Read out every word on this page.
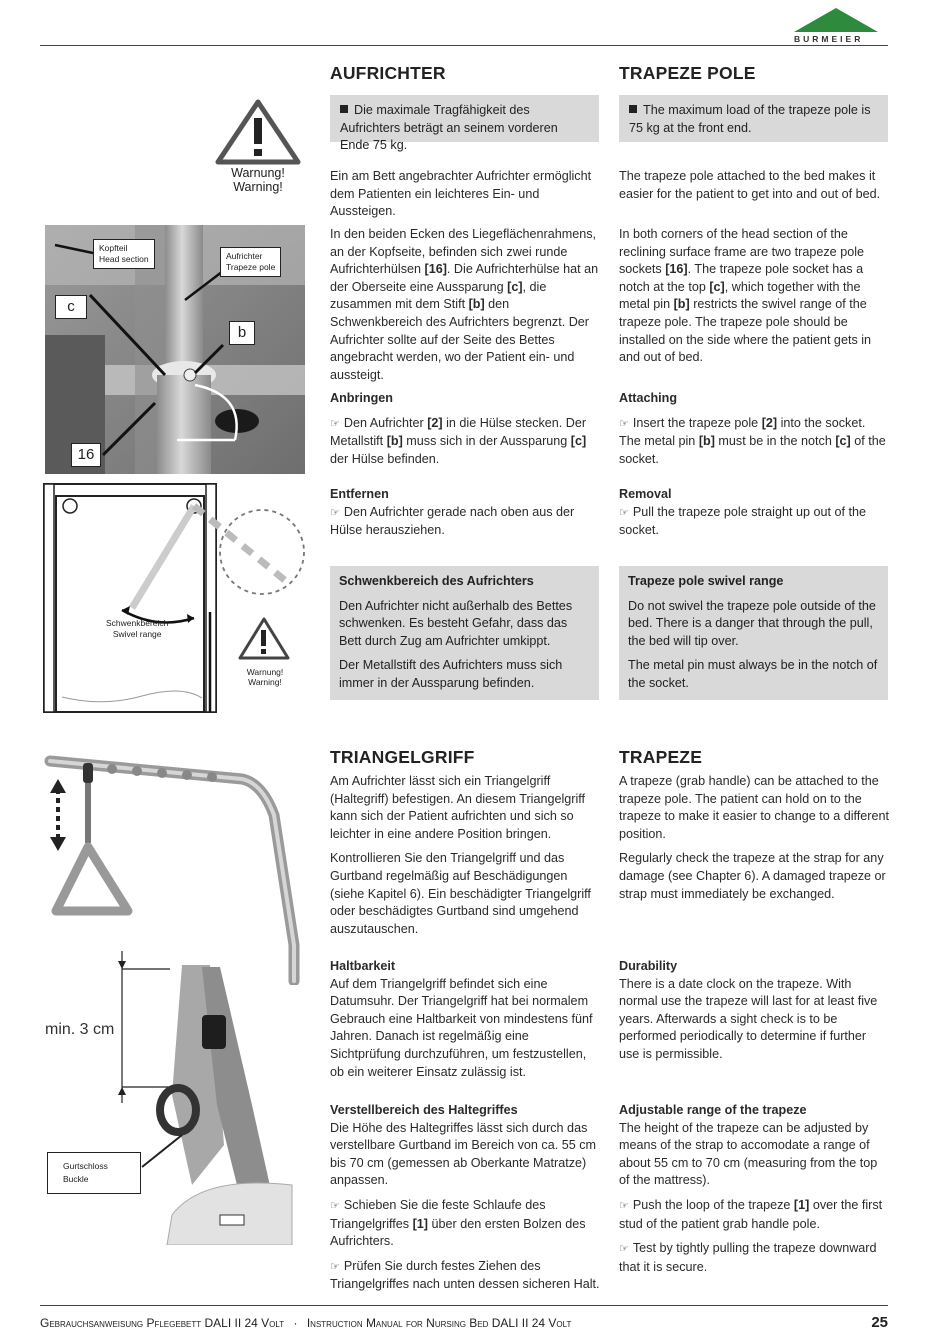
BURMEIER
Warnung!
Warning!
Kopfteil
Head section	Aufrichter
Trapeze pole
c
b
16
Schwenkbereich
Swivel range
Warnung!
Warning!
min. 3 cm
Gurtschloss
Buckle
AUFRICHTER
Die maximale Tragfähigkeit des Aufrichters beträgt an seinem vorderen Ende 75 kg.

Ein am Bett angebrachter Aufrichter ermöglicht dem Patienten ein leichteres Ein- und Aussteigen.

In den beiden Ecken des Liegeflächenrahmens, an der Kopfseite, befinden sich zwei runde Aufrichterhülsen [16]. Die Aufrichterhülse hat an der Oberseite eine Aussparung [c], die zusammen mit dem Stift [b] den Schwenkbereich des Aufrichters begrenzt. Der Aufrichter sollte auf der Seite des Bettes angebracht werden, wo der Patient ein- und aussteigt.

Anbringen

☞ Den Aufrichter [2] in die Hülse stecken. Der Metallstift [b] muss sich in der Aussparung [c] der Hülse befinden.

Entfernen

☞ Den Aufrichter gerade nach oben aus der Hülse herausziehen.

Schwenkbereich des Aufrichters

Den Aufrichter nicht außerhalb des Bettes schwenken. Es besteht Gefahr, dass das Bett durch Zug am Aufrichter umkippt.

Der Metallstift des Aufrichters muss sich immer in der Aussparung befinden.

TRIANGELGRIFF

Am Aufrichter lässt sich ein Triangelgriff (Haltegriff) befestigen. An diesem Triangelgriff kann sich der Patient aufrichten und sich so leichter in eine andere Position bringen.

Kontrollieren Sie den Triangelgriff und das Gurtband regelmäßig auf Beschädigungen (siehe Kapitel 6). Ein beschädigter Triangelgriff oder beschädigtes Gurtband sind umgehend auszutauschen.

Haltbarkeit

Auf dem Triangelgriff befindet sich eine Datumsuhr. Der Triangelgriff hat bei normalem Gebrauch eine Haltbarkeit von mindestens fünf Jahren. Danach ist regelmäßig eine Sichtprüfung durchzuführen, um festzustellen, ob ein weiterer Einsatz zulässig ist.

Verstellbereich des Haltegriffes

Die Höhe des Haltegriffes lässt sich durch das verstellbare Gurtband im Bereich von ca. 55 cm bis 70 cm (gemessen ab Oberkante Matratze) anpassen.

☞ Schieben Sie die feste Schlaufe des Triangelgriffes [1] über den ersten Bolzen des Aufrichters.

☞ Prüfen Sie durch festes Ziehen des Triangelgriffes nach unten dessen sicheren Halt.

TRAPEZE POLE
The maximum load of the trapeze pole is 75 kg at the front end.

The trapeze pole attached to the bed makes it easier for the patient to get into and out of bed.

In both corners of the head section of the reclining surface frame are two trapeze pole sockets [16]. The trapeze pole socket has a notch at the top [c], which together with the metal pin [b] restricts the swivel range of the trapeze pole. The trapeze pole should be installed on the side where the patient gets in and out of bed.

Attaching

☞ Insert the trapeze pole [2] into the socket. The metal pin [b] must be in the notch [c] of the socket.

Removal

☞ Pull the trapeze pole straight up out of the socket.

Trapeze pole swivel range

Do not swivel the trapeze pole outside of the bed. There is a danger that through the pull, the bed will tip over.

The metal pin must always be in the notch of the socket.

TRAPEZE

A trapeze (grab handle) can be attached to the trapeze pole. The patient can hold on to the trapeze to make it easier to change to a different position.

Regularly check the trapeze at the strap for any damage (see Chapter 6). A damaged trapeze or strap must immediately be exchanged.

Durability

There is a date clock on the trapeze. With normal use the trapeze will last for at least five years. Afterwards a sight check is to be performed periodically to determine if further use is permissible.

Adjustable range of the trapeze

The height of the trapeze can be adjusted by means of the strap to accomodate a range of about 55 cm to 70 cm (measuring from the top of the mattress).

☞ Push the loop of the trapeze [1] over the first stud of the patient grab handle pole.

☞ Test by tightly pulling the trapeze downward that it is secure.

Gebrauchsanweisung Pflegebett DALI II 24 Volt · Instruction Manual for Nursing Bed DALI II 24 Volt	25
